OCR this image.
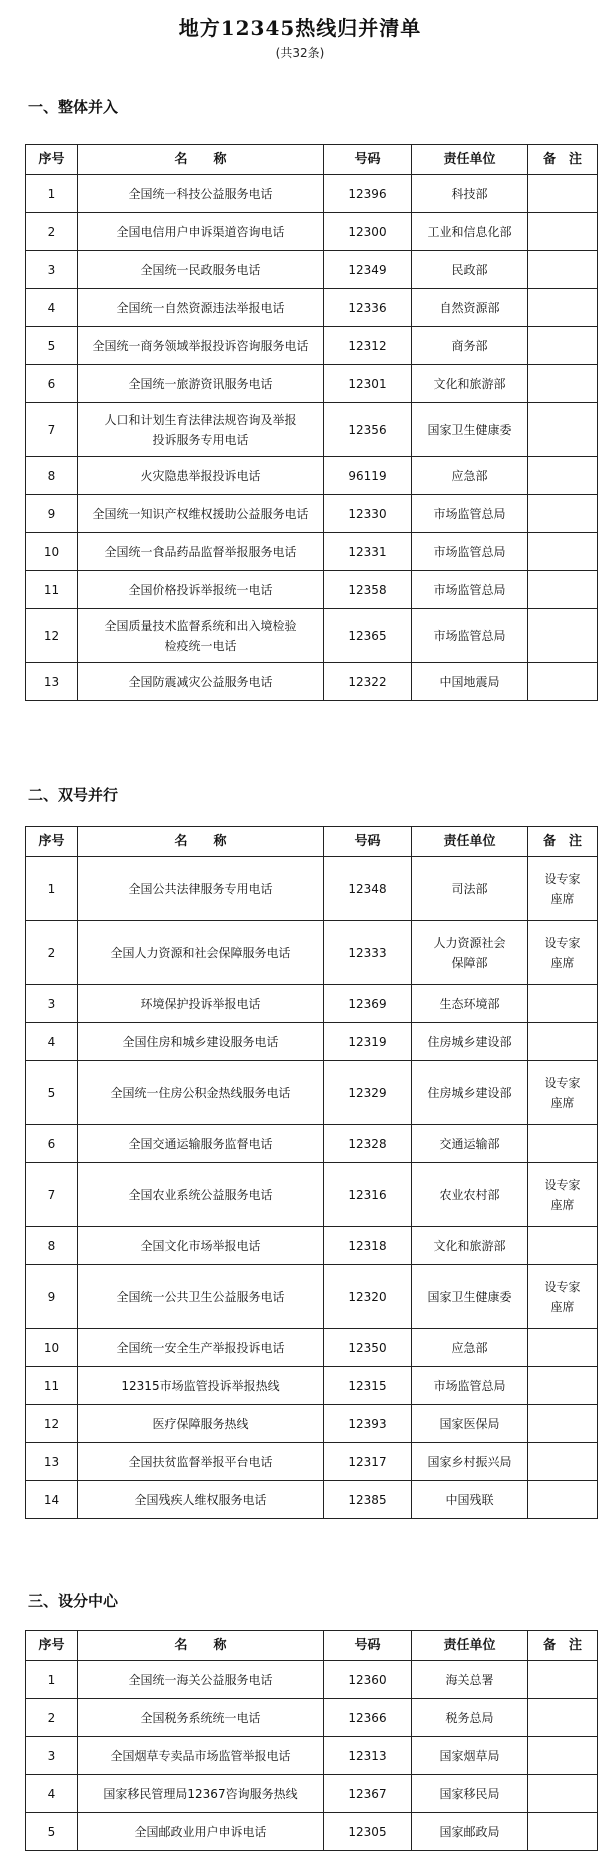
地方12345热线归并清单
(共32条)
一、整体并入
序号	名　　称	号码	责任单位	备　注
1	全国统一科技公益服务电话	12396	科技部	
2	全国电信用户申诉渠道咨询电话	12300	工业和信息化部	
3	全国统一民政服务电话	12349	民政部	
4	全国统一自然资源违法举报电话	12336	自然资源部	
5	全国统一商务领域举报投诉咨询服务电话	12312	商务部	
6	全国统一旅游资讯服务电话	12301	文化和旅游部	
7	人口和计划生育法律法规咨询及举报
投诉服务专用电话	12356	国家卫生健康委	
8	火灾隐患举报投诉电话	96119	应急部	
9	全国统一知识产权维权援助公益服务电话	12330	市场监管总局	
10	全国统一食品药品监督举报服务电话	12331	市场监管总局	
11	全国价格投诉举报统一电话	12358	市场监管总局	
12	全国质量技术监督系统和出入境检验
检疫统一电话	12365	市场监管总局	
13	全国防震减灾公益服务电话	12322	中国地震局	
二、双号并行
序号	名　　称	号码	责任单位	备　注
1	全国公共法律服务专用电话	12348	司法部	设专家
座席
2	全国人力资源和社会保障服务电话	12333	人力资源社会
保障部	设专家
座席
3	环境保护投诉举报电话	12369	生态环境部	
4	全国住房和城乡建设服务电话	12319	住房城乡建设部	
5	全国统一住房公积金热线服务电话	12329	住房城乡建设部	设专家
座席
6	全国交通运输服务监督电话	12328	交通运输部	
7	全国农业系统公益服务电话	12316	农业农村部	设专家
座席
8	全国文化市场举报电话	12318	文化和旅游部	
9	全国统一公共卫生公益服务电话	12320	国家卫生健康委	设专家
座席
10	全国统一安全生产举报投诉电话	12350	应急部	
11	12315市场监管投诉举报热线	12315	市场监管总局	
12	医疗保障服务热线	12393	国家医保局	
13	全国扶贫监督举报平台电话	12317	国家乡村振兴局	
14	全国残疾人维权服务电话	12385	中国残联	
三、设分中心
序号	名　　称	号码	责任单位	备　注
1	全国统一海关公益服务电话	12360	海关总署	
2	全国税务系统统一电话	12366	税务总局	
3	全国烟草专卖品市场监管举报电话	12313	国家烟草局	
4	国家移民管理局12367咨询服务热线	12367	国家移民局	
5	全国邮政业用户申诉电话	12305	国家邮政局	
